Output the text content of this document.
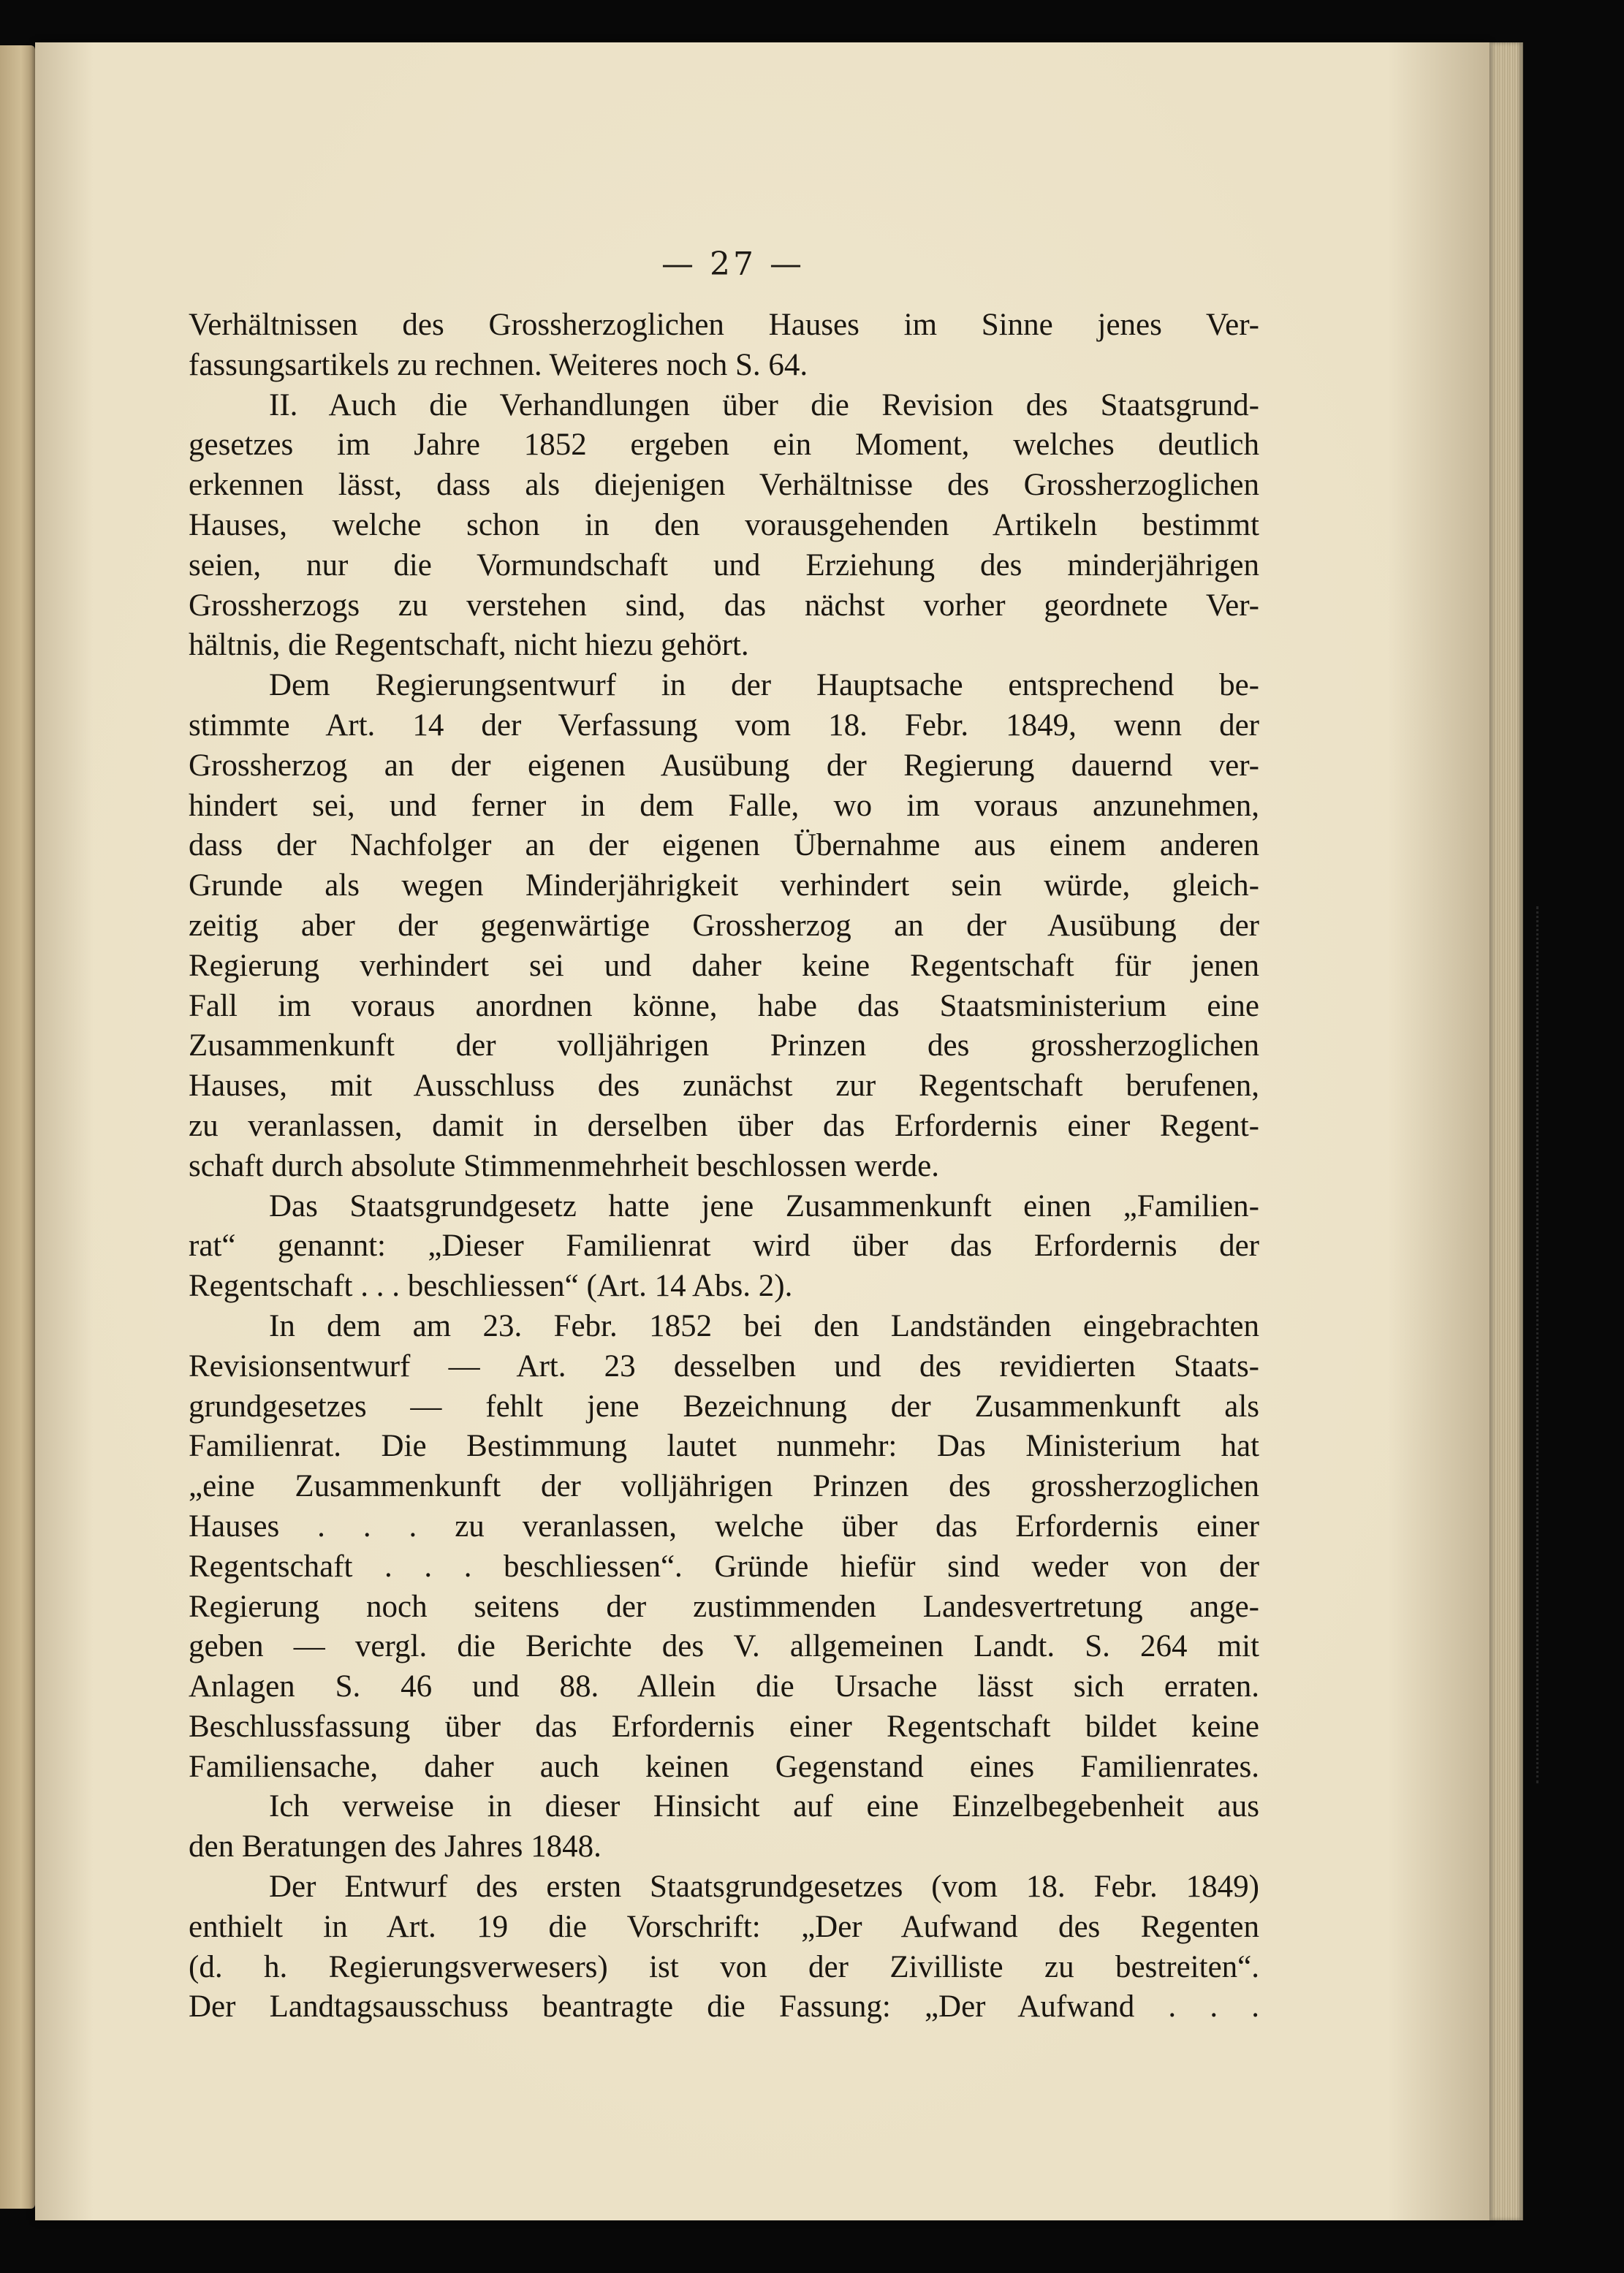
— 27 —
Verhältnissen des Grossherzoglichen Hauses im Sinne jenes Ver-
fassungsartikels zu rechnen. Weiteres noch S. 64.
II. Auch die Verhandlungen über die Revision des Staatsgrund-
gesetzes im Jahre 1852 ergeben ein Moment, welches deutlich
erkennen lässt, dass als diejenigen Verhältnisse des Grossherzoglichen
Hauses, welche schon in den vorausgehenden Artikeln bestimmt
seien, nur die Vormundschaft und Erziehung des minderjährigen
Grossherzogs zu verstehen sind, das nächst vorher geordnete Ver-
hältnis, die Regentschaft, nicht hiezu gehört.
Dem Regierungsentwurf in der Hauptsache entsprechend be-
stimmte Art. 14 der Verfassung vom 18. Febr. 1849, wenn der
Grossherzog an der eigenen Ausübung der Regierung dauernd ver-
hindert sei, und ferner in dem Falle, wo im voraus anzunehmen,
dass der Nachfolger an der eigenen Übernahme aus einem anderen
Grunde als wegen Minderjährigkeit verhindert sein würde, gleich-
zeitig aber der gegenwärtige Grossherzog an der Ausübung der
Regierung verhindert sei und daher keine Regentschaft für jenen
Fall im voraus anordnen könne, habe das Staatsministerium eine
Zusammenkunft der volljährigen Prinzen des grossherzoglichen
Hauses, mit Ausschluss des zunächst zur Regentschaft berufenen,
zu veranlassen, damit in derselben über das Erfordernis einer Regent-
schaft durch absolute Stimmenmehrheit beschlossen werde.
Das Staatsgrundgesetz hatte jene Zusammenkunft einen „Familien-
rat“ genannt: „Dieser Familienrat wird über das Erfordernis der
Regentschaft . . . beschliessen“ (Art. 14 Abs. 2).
In dem am 23. Febr. 1852 bei den Landständen eingebrachten
Revisionsentwurf — Art. 23 desselben und des revidierten Staats-
grundgesetzes — fehlt jene Bezeichnung der Zusammenkunft als
Familienrat. Die Bestimmung lautet nunmehr: Das Ministerium hat
„eine Zusammenkunft der volljährigen Prinzen des grossherzoglichen
Hauses . . . zu veranlassen, welche über das Erfordernis einer
Regentschaft . . . beschliessen“. Gründe hiefür sind weder von der
Regierung noch seitens der zustimmenden Landesvertretung ange-
geben — vergl. die Berichte des V. allgemeinen Landt. S. 264 mit
Anlagen S. 46 und 88. Allein die Ursache lässt sich erraten.
Beschlussfassung über das Erfordernis einer Regentschaft bildet keine
Familiensache, daher auch keinen Gegenstand eines Familienrates.
Ich verweise in dieser Hinsicht auf eine Einzelbegebenheit aus
den Beratungen des Jahres 1848.
Der Entwurf des ersten Staatsgrundgesetzes (vom 18. Febr. 1849)
enthielt in Art. 19 die Vorschrift: „Der Aufwand des Regenten
(d. h. Regierungsverwesers) ist von der Zivilliste zu bestreiten“.
Der Landtagsausschuss beantragte die Fassung: „Der Aufwand . . .
